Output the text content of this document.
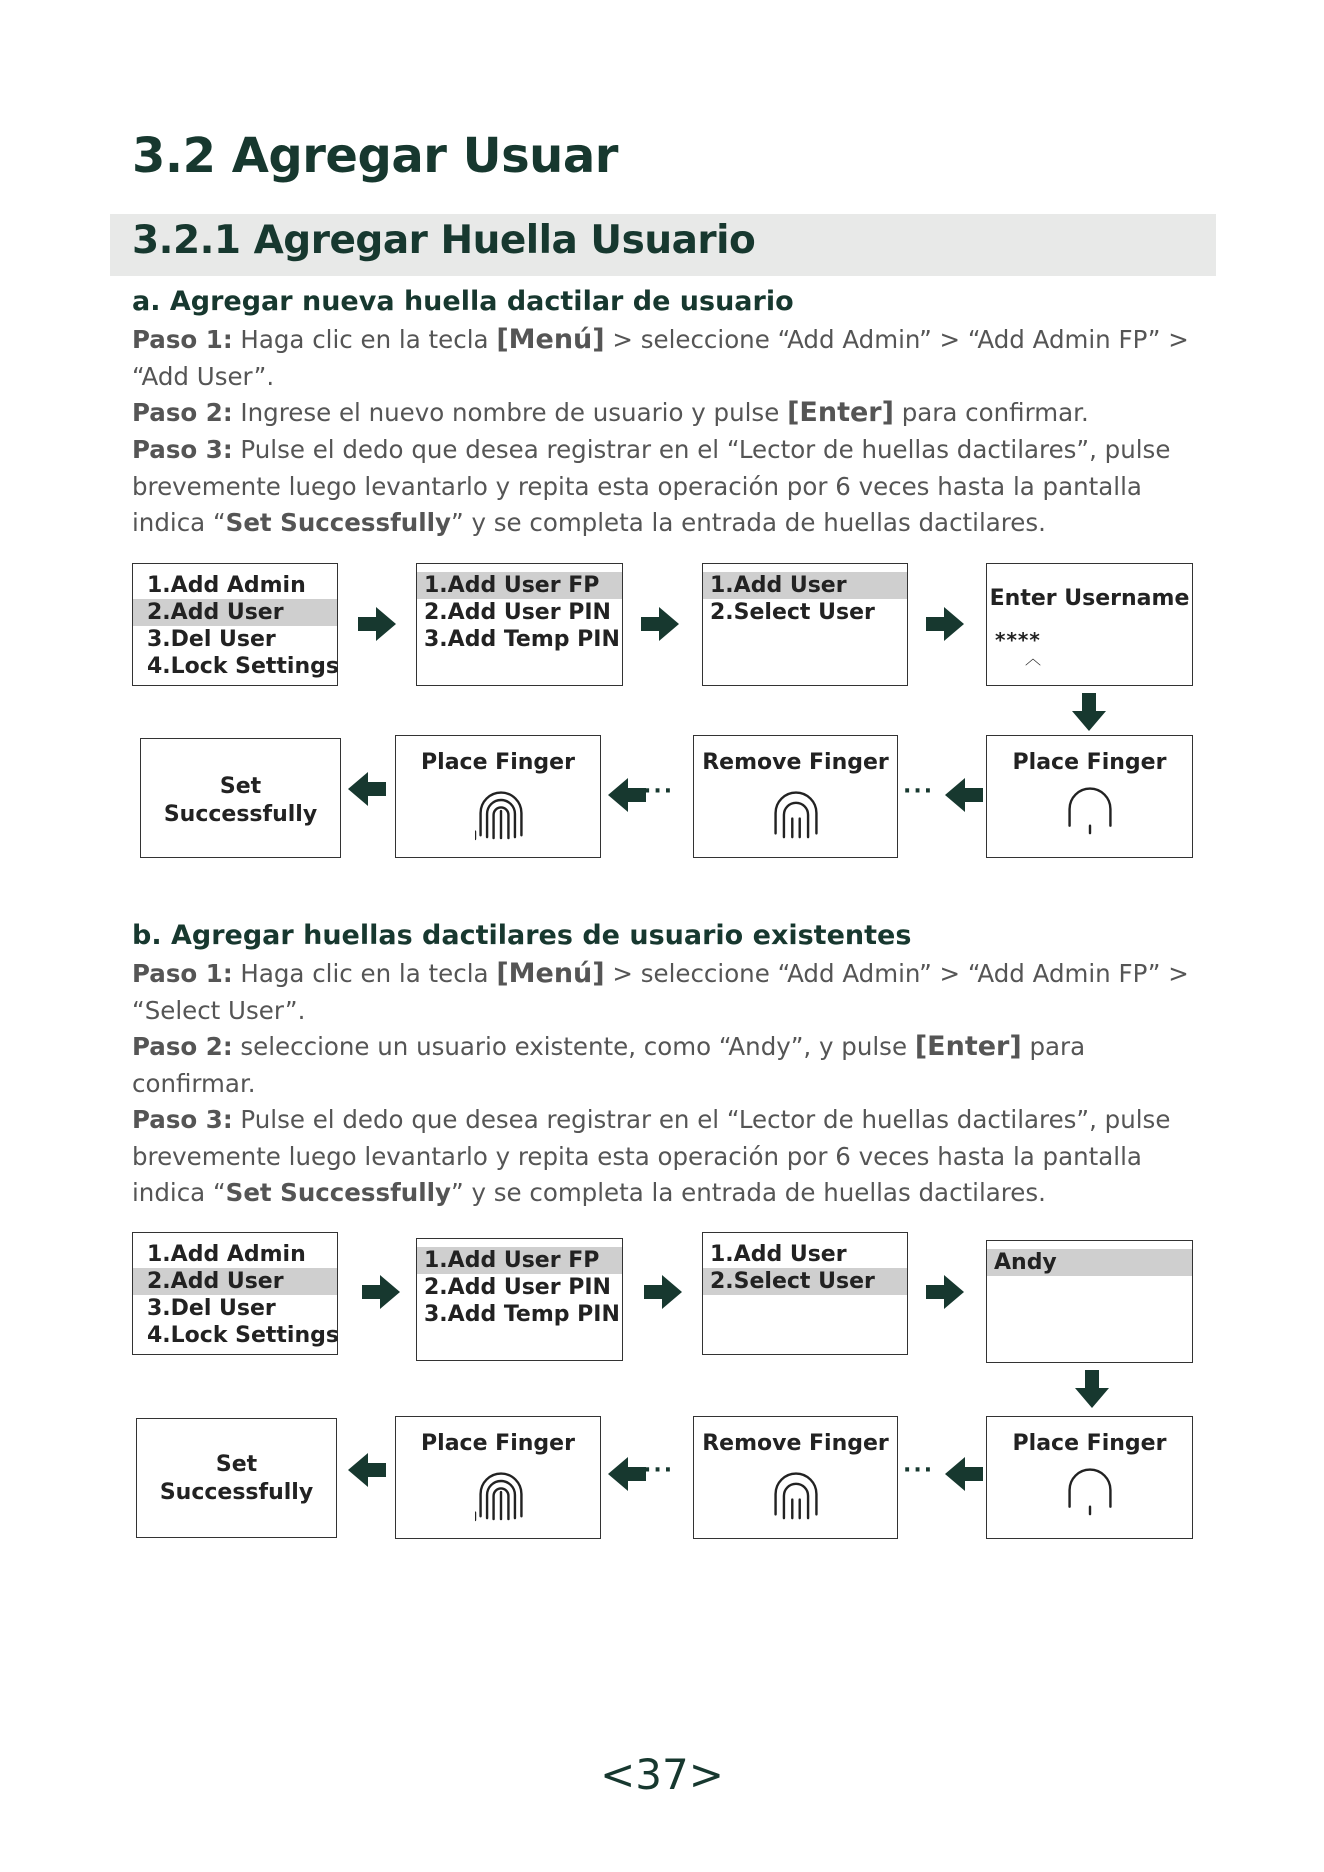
3.2 Agregar Usuar
3.2.1 Agregar Huella Usuario
a. Agregar nueva huella dactilar de usuario

Paso 1: Haga clic en la tecla [Menú] > seleccione “Add Admin” > “Add Admin FP” > “Add User”.

Paso 2: Ingrese el nuevo nombre de usuario y pulse [Enter] para confirmar.

Paso 3: Pulse el dedo que desea registrar en el “Lector de huellas dactilares”, pulse brevemente luego levantarlo y repita esta operación por 6 veces hasta la pantalla indica “Set Successfully” y se completa la entrada de huellas dactilares.

1.Add Admin
2.Add User
3.Del User
4.Lock Settings
1.Add User FP
2.Add User PIN
3.Add Temp PIN
1.Add User
2.Select User
Enter Username
****
︿
Set
Successfully
Place Finger
···
Remove Finger
···
Place Finger
b. Agregar huellas dactilares de usuario existentes

Paso 1: Haga clic en la tecla [Menú] > seleccione “Add Admin” > “Add Admin FP” > “Select User”.

Paso 2: seleccione un usuario existente, como “Andy”, y pulse [Enter] para confirmar.

Paso 3: Pulse el dedo que desea registrar en el “Lector de huellas dactilares”, pulse brevemente luego levantarlo y repita esta operación por 6 veces hasta la pantalla indica “Set Successfully” y se completa la entrada de huellas dactilares.

1.Add Admin
2.Add User
3.Del User
4.Lock Settings
1.Add User FP
2.Add User PIN
3.Add Temp PIN
1.Add User
2.Select User
Andy
Set
Successfully
Place Finger
···
Remove Finger
···
Place Finger
<37>
